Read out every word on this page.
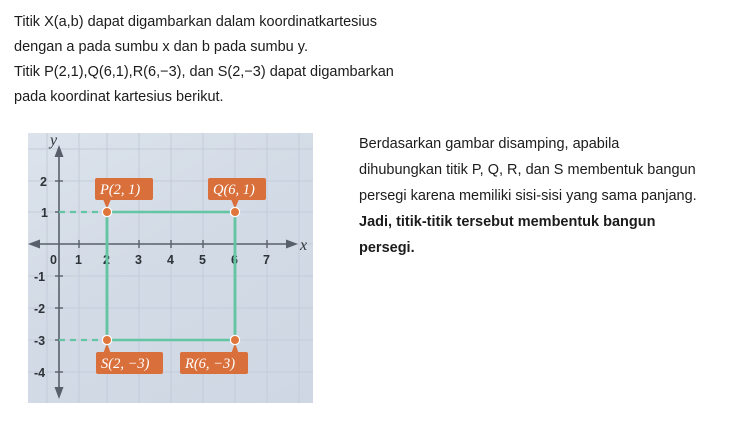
Titik X(a,b) dapat digambarkan dalam koordinatkartesius
dengan a pada sumbu x dan b pada sumbu y.
Titik P(2,1),Q(6,1),R(6,−3), dan S(2,−3) dapat digambarkan
pada koordinat kartesius berikut.
Berdasarkan gambar disamping, apabila
dihubungkan titik P, Q, R, dan S membentuk bangun
persegi karena memiliki sisi-sisi yang sama panjang.
Jadi, titik-titik tersebut membentuk bangun
persegi.
y
x
0 1 2 3 4 5 6 7
2
1
-1
-2
-3
-4
P(2, 1)	Q(6, 1)
S(2, −3) R(6, −3)
